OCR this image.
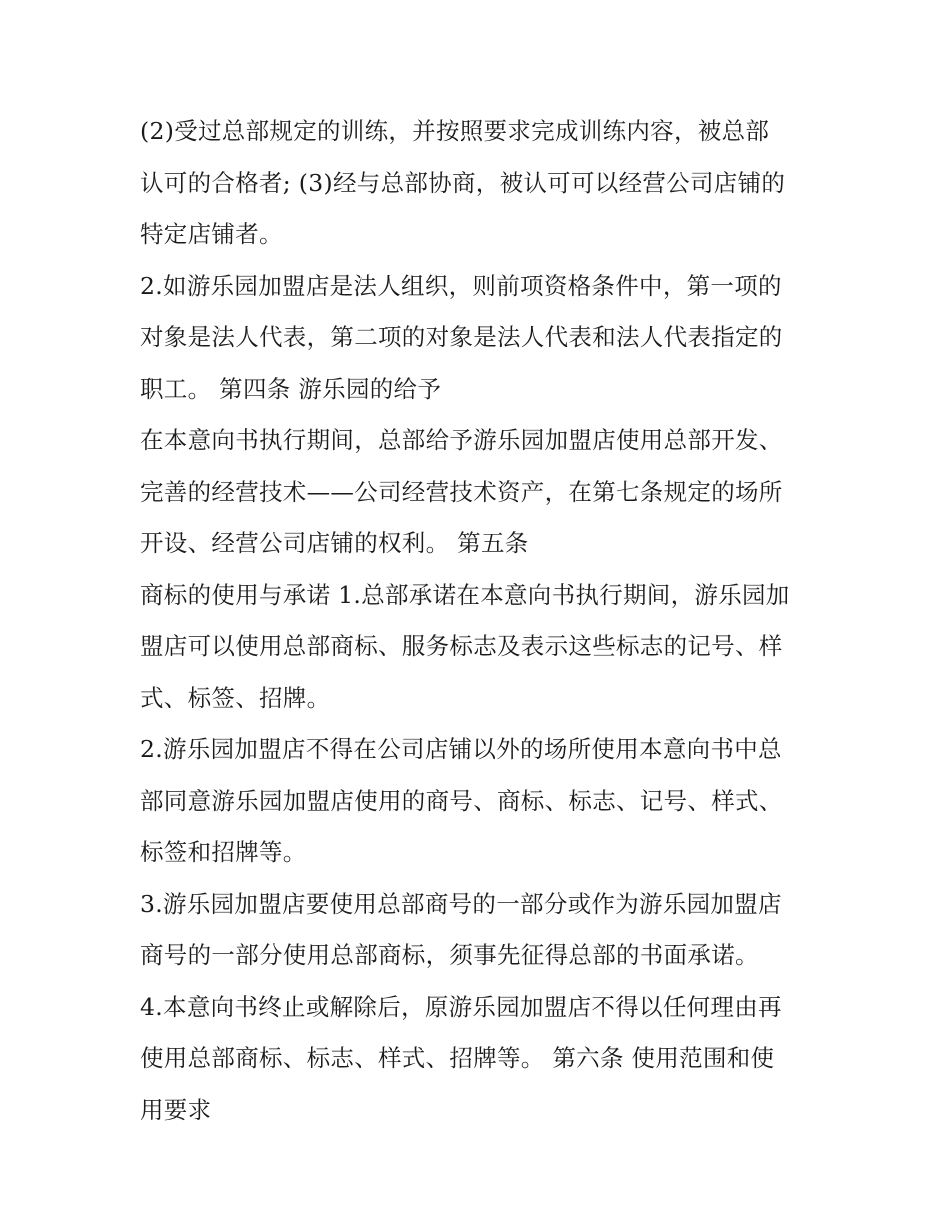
(2)受过总部规定的训练，并按照要求完成训练内容，被总部
认可的合格者; (3)经与总部协商，被认可可以经营公司店铺的
特定店铺者。
2.如游乐园加盟店是法人组织，则前项资格条件中，第一项的
对象是法人代表，第二项的对象是法人代表和法人代表指定的
职工。 第四条 游乐园的给予
在本意向书执行期间，总部给予游乐园加盟店使用总部开发、
完善的经营技术——公司经营技术资产，在第七条规定的场所
开设、经营公司店铺的权利。 第五条
商标的使用与承诺 1.总部承诺在本意向书执行期间，游乐园加
盟店可以使用总部商标、服务标志及表示这些标志的记号、样
式、标签、招牌。
2.游乐园加盟店不得在公司店铺以外的场所使用本意向书中总
部同意游乐园加盟店使用的商号、商标、标志、记号、样式、
标签和招牌等。
3.游乐园加盟店要使用总部商号的一部分或作为游乐园加盟店
商号的一部分使用总部商标，须事先征得总部的书面承诺。
4.本意向书终止或解除后，原游乐园加盟店不得以任何理由再
使用总部商标、标志、样式、招牌等。 第六条 使用范围和使
用要求
